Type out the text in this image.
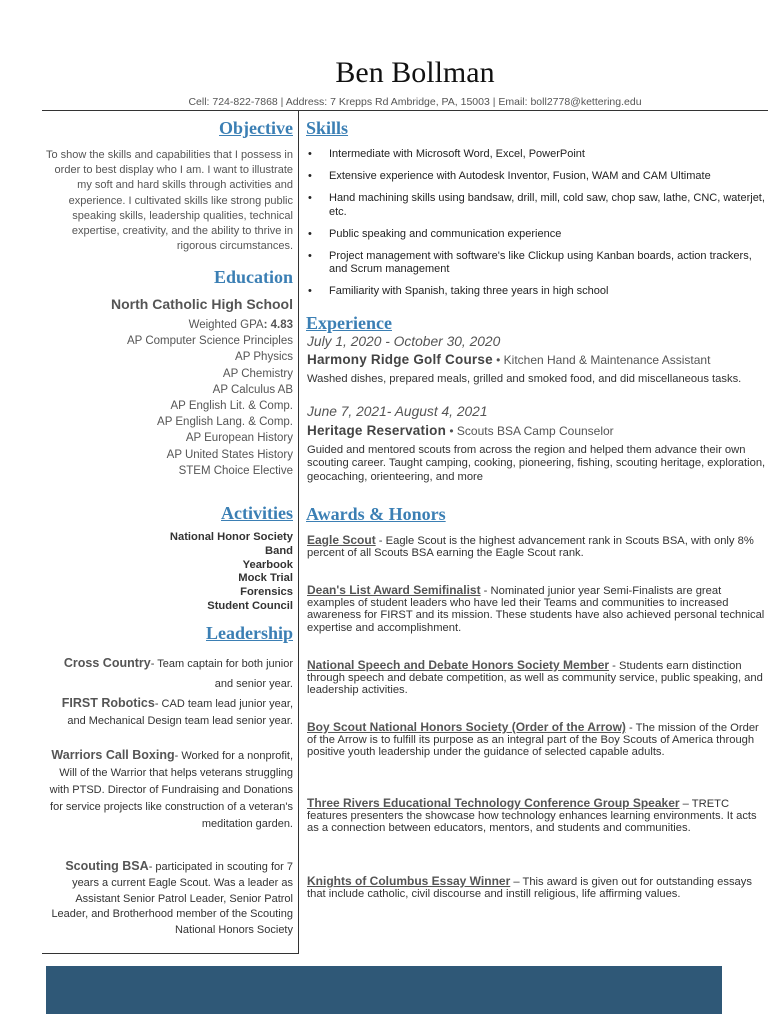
Ben Bollman
Cell: 724-822-7868 | Address: 7 Krepps Rd Ambridge, PA, 15003 | Email: boll2778@kettering.edu
Objective
To show the skills and capabilities that I possess in order to best display who I am. I want to illustrate my soft and hard skills through activities and experience. I cultivated skills like strong public speaking skills, leadership qualities, technical expertise, creativity, and the ability to thrive in rigorous circumstances.
Education
North Catholic High School
Weighted GPA: 4.83
AP Computer Science Principles
AP Physics
AP Chemistry
AP Calculus AB
AP English Lit. & Comp.
AP English Lang. & Comp.
AP European History
AP United States History
STEM Choice Elective
Activities
National Honor Society
Band
Yearbook
Mock Trial
Forensics
Student Council
Leadership
Cross Country- Team captain for both junior and senior year.
FIRST Robotics- CAD team lead junior year, and Mechanical Design team lead senior year.
Warriors Call Boxing- Worked for a nonprofit, Will of the Warrior that helps veterans struggling with PTSD. Director of Fundraising and Donations for service projects like construction of a veteran's meditation garden.
Scouting BSA- participated in scouting for 7 years a current Eagle Scout. Was a leader as Assistant Senior Patrol Leader, Senior Patrol Leader, and Brotherhood member of the Scouting National Honors Society
Skills
• Intermediate with Microsoft Word, Excel, PowerPoint
• Extensive experience with Autodesk Inventor, Fusion, WAM and CAM Ultimate
• Hand machining skills using bandsaw, drill, mill, cold saw, chop saw, lathe, CNC, waterjet, etc.
• Public speaking and communication experience
• Project management with software's like Clickup using Kanban boards, action trackers, and Scrum management
• Familiarity with Spanish, taking three years in high school
Experience
July 1, 2020 - October 30, 2020
Harmony Ridge Golf Course • Kitchen Hand & Maintenance Assistant
Washed dishes, prepared meals, grilled and smoked food, and did miscellaneous tasks.
June 7, 2021- August 4, 2021
Heritage Reservation • Scouts BSA Camp Counselor
Guided and mentored scouts from across the region and helped them advance their own scouting career. Taught camping, cooking, pioneering, fishing, scouting heritage, exploration, geocaching, orienteering, and more
Awards & Honors
Eagle Scout - Eagle Scout is the highest advancement rank in Scouts BSA, with only 8% percent of all Scouts BSA earning the Eagle Scout rank.
Dean's List Award Semifinalist - Nominated junior year Semi-Finalists are great examples of student leaders who have led their Teams and communities to increased awareness for FIRST and its mission. These students have also achieved personal technical expertise and accomplishment.
National Speech and Debate Honors Society Member - Students earn distinction through speech and debate competition, as well as community service, public speaking, and leadership activities.
Boy Scout National Honors Society (Order of the Arrow) - The mission of the Order of the Arrow is to fulfill its purpose as an integral part of the Boy Scouts of America through positive youth leadership under the guidance of selected capable adults.
Three Rivers Educational Technology Conference Group Speaker – TRETC features presenters the showcase how technology enhances learning environments. It acts as a connection between educators, mentors, and students and communities.
Knights of Columbus Essay Winner – This award is given out for outstanding essays that include catholic, civil discourse and instill religious, life affirming values.
